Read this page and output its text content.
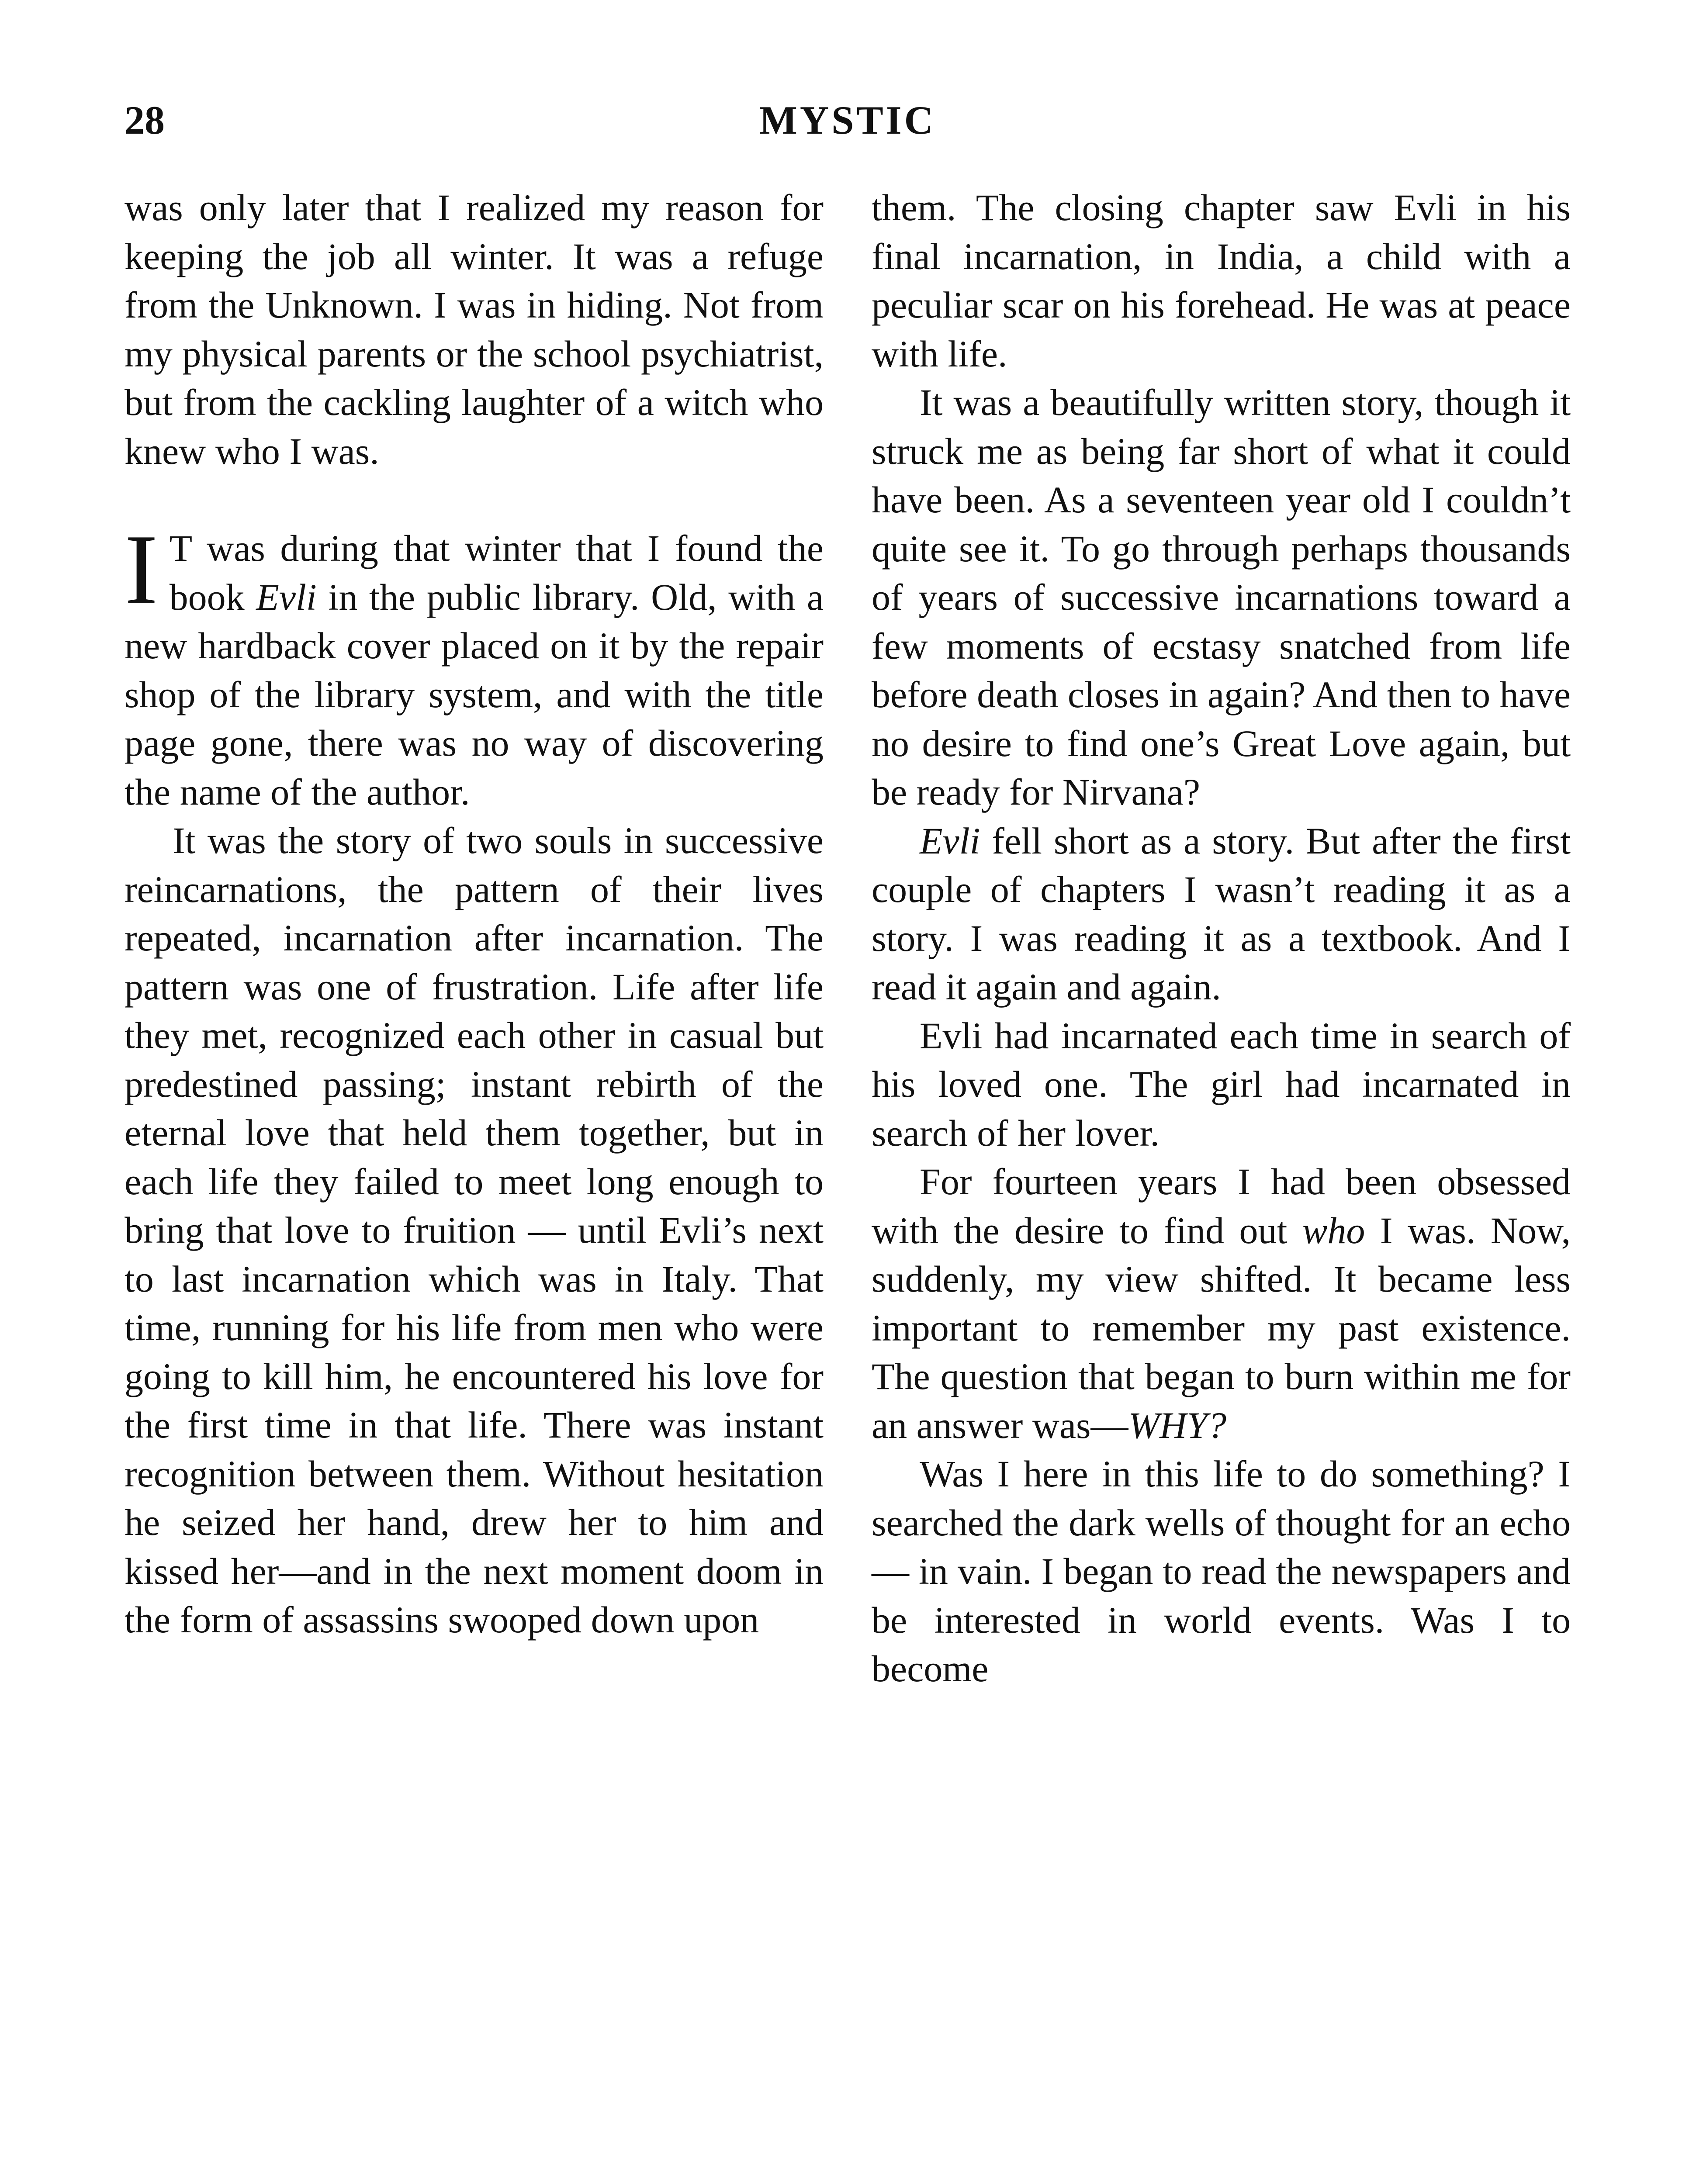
28	MYSTIC

was only later that I realized my reason for keeping the job all winter. It was a refuge from the Unknown. I was in hiding. Not from my physical parents or the school psychiatrist, but from the cackling laughter of a witch who knew who I was.

I T was during that winter that I found the book Evli in the public library. Old, with a new hardback cover placed on it by the repair shop of the library system, and with the title page gone, there was no way of discovering the name of the author.

It was the story of two souls in successive reincarnations, the pattern of their lives repeated, incarnation after incarnation. The pattern was one of frustration. Life after life they met, recognized each other in casual but predestined passing; instant rebirth of the eternal love that held them together, but in each life they failed to meet long enough to bring that love to fruition — until Evli’s next to last incarnation which was in Italy. That time, running for his life from men who were going to kill him, he encountered his love for the first time in that life. There was instant recognition between them. Without hesitation he seized her hand, drew her to him and kissed her—and in the next moment doom in the form of assassins swooped down upon

them. The closing chapter saw Evli in his final incarnation, in India, a child with a peculiar scar on his forehead. He was at peace with life.

It was a beautifully written story, though it struck me as being far short of what it could have been. As a seventeen year old I couldn’t quite see it. To go through perhaps thousands of years of successive incarnations toward a few moments of ecstasy snatched from life before death closes in again? And then to have no desire to find one’s Great Love again, but be ready for Nirvana?

Evli fell short as a story. But after the first couple of chapters I wasn’t reading it as a story. I was reading it as a textbook. And I read it again and again.

Evli had incarnated each time in search of his loved one. The girl had incarnated in search of her lover.

For fourteen years I had been obsessed with the desire to find out who I was. Now, suddenly, my view shifted. It became less important to remember my past existence. The question that began to burn within me for an answer was—WHY?

Was I here in this life to do something? I searched the dark wells of thought for an echo— in vain. I began to read the newspapers and be interested in world events. Was I to become
